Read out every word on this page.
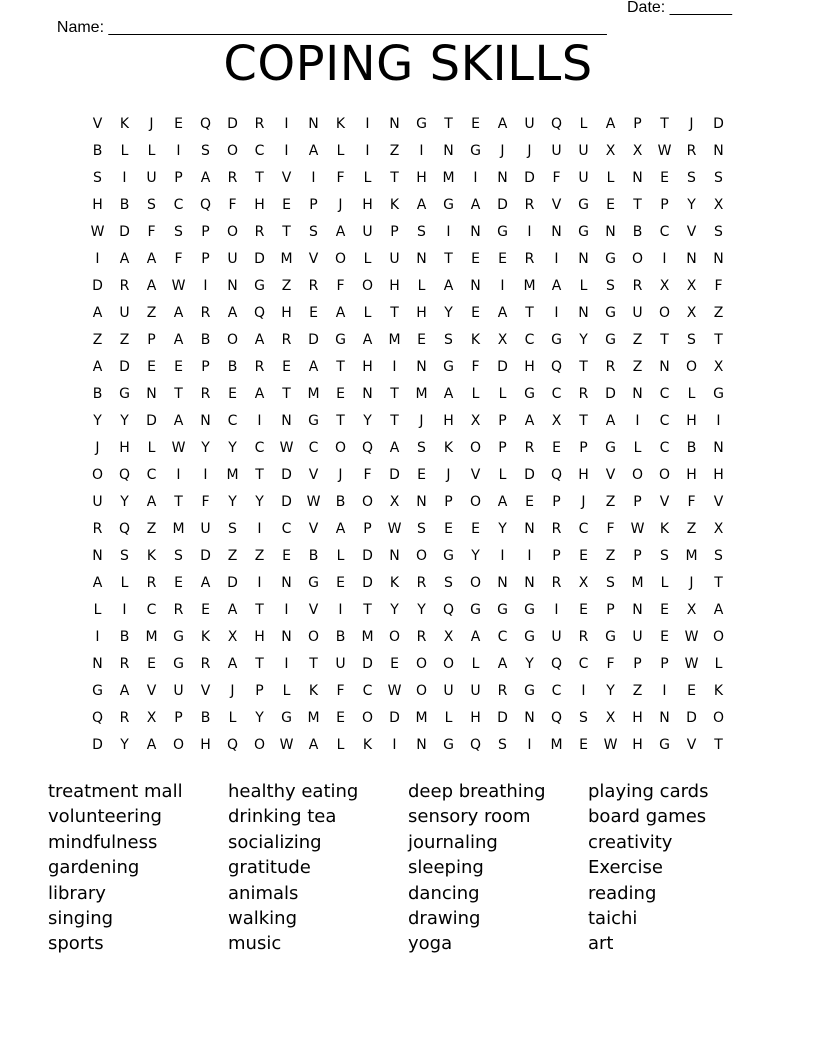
Name: ________________________________________________________

Date: _______

COPING SKILLS
V	K	J	E	Q	D	R	I	N	K	I	N	G	T	E	A	U	Q	L	A	P	T	J	D
B	L	L	I	S	O	C	I	A	L	I	Z	I	N	G	J	J	U	U	X	X	W	R	N
S	I	U	P	A	R	T	V	I	F	L	T	H	M	I	N	D	F	U	L	N	E	S	S
H	B	S	C	Q	F	H	E	P	J	H	K	A	G	A	D	R	V	G	E	T	P	Y	X
W	D	F	S	P	O	R	T	S	A	U	P	S	I	N	G	I	N	G	N	B	C	V	S
I	A	A	F	P	U	D	M	V	O	L	U	N	T	E	E	R	I	N	G	O	I	N	N
D	R	A	W	I	N	G	Z	R	F	O	H	L	A	N	I	M	A	L	S	R	X	X	F
A	U	Z	A	R	A	Q	H	E	A	L	T	H	Y	E	A	T	I	N	G	U	O	X	Z
Z	Z	P	A	B	O	A	R	D	G	A	M	E	S	K	X	C	G	Y	G	Z	T	S	T
A	D	E	E	P	B	R	E	A	T	H	I	N	G	F	D	H	Q	T	R	Z	N	O	X
B	G	N	T	R	E	A	T	M	E	N	T	M	A	L	L	G	C	R	D	N	C	L	G
Y	Y	D	A	N	C	I	N	G	T	Y	T	J	H	X	P	A	X	T	A	I	C	H	I
J	H	L	W	Y	Y	C	W	C	O	Q	A	S	K	O	P	R	E	P	G	L	C	B	N
O	Q	C	I	I	M	T	D	V	J	F	D	E	J	V	L	D	Q	H	V	O	O	H	H
U	Y	A	T	F	Y	Y	D	W	B	O	X	N	P	O	A	E	P	J	Z	P	V	F	V
R	Q	Z	M	U	S	I	C	V	A	P	W	S	E	E	Y	N	R	C	F	W	K	Z	X
N	S	K	S	D	Z	Z	E	B	L	D	N	O	G	Y	I	I	P	E	Z	P	S	M	S
A	L	R	E	A	D	I	N	G	E	D	K	R	S	O	N	N	R	X	S	M	L	J	T
L	I	C	R	E	A	T	I	V	I	T	Y	Y	Q	G	G	G	I	E	P	N	E	X	A
I	B	M	G	K	X	H	N	O	B	M	O	R	X	A	C	G	U	R	G	U	E	W	O
N	R	E	G	R	A	T	I	T	U	D	E	O	O	L	A	Y	Q	C	F	P	P	W	L
G	A	V	U	V	J	P	L	K	F	C	W	O	U	U	R	G	C	I	Y	Z	I	E	K
Q	R	X	P	B	L	Y	G	M	E	O	D	M	L	H	D	N	Q	S	X	H	N	D	O
D	Y	A	O	H	Q	O	W	A	L	K	I	N	G	Q	S	I	M	E	W	H	G	V	T
treatment mall
volunteering
mindfulness
gardening
library
singing
sports
healthy eating
drinking tea
socializing
gratitude
animals
walking
music
deep breathing
sensory room
journaling
sleeping
dancing
drawing
yoga
playing cards
board games
creativity
Exercise
reading
taichi
art
